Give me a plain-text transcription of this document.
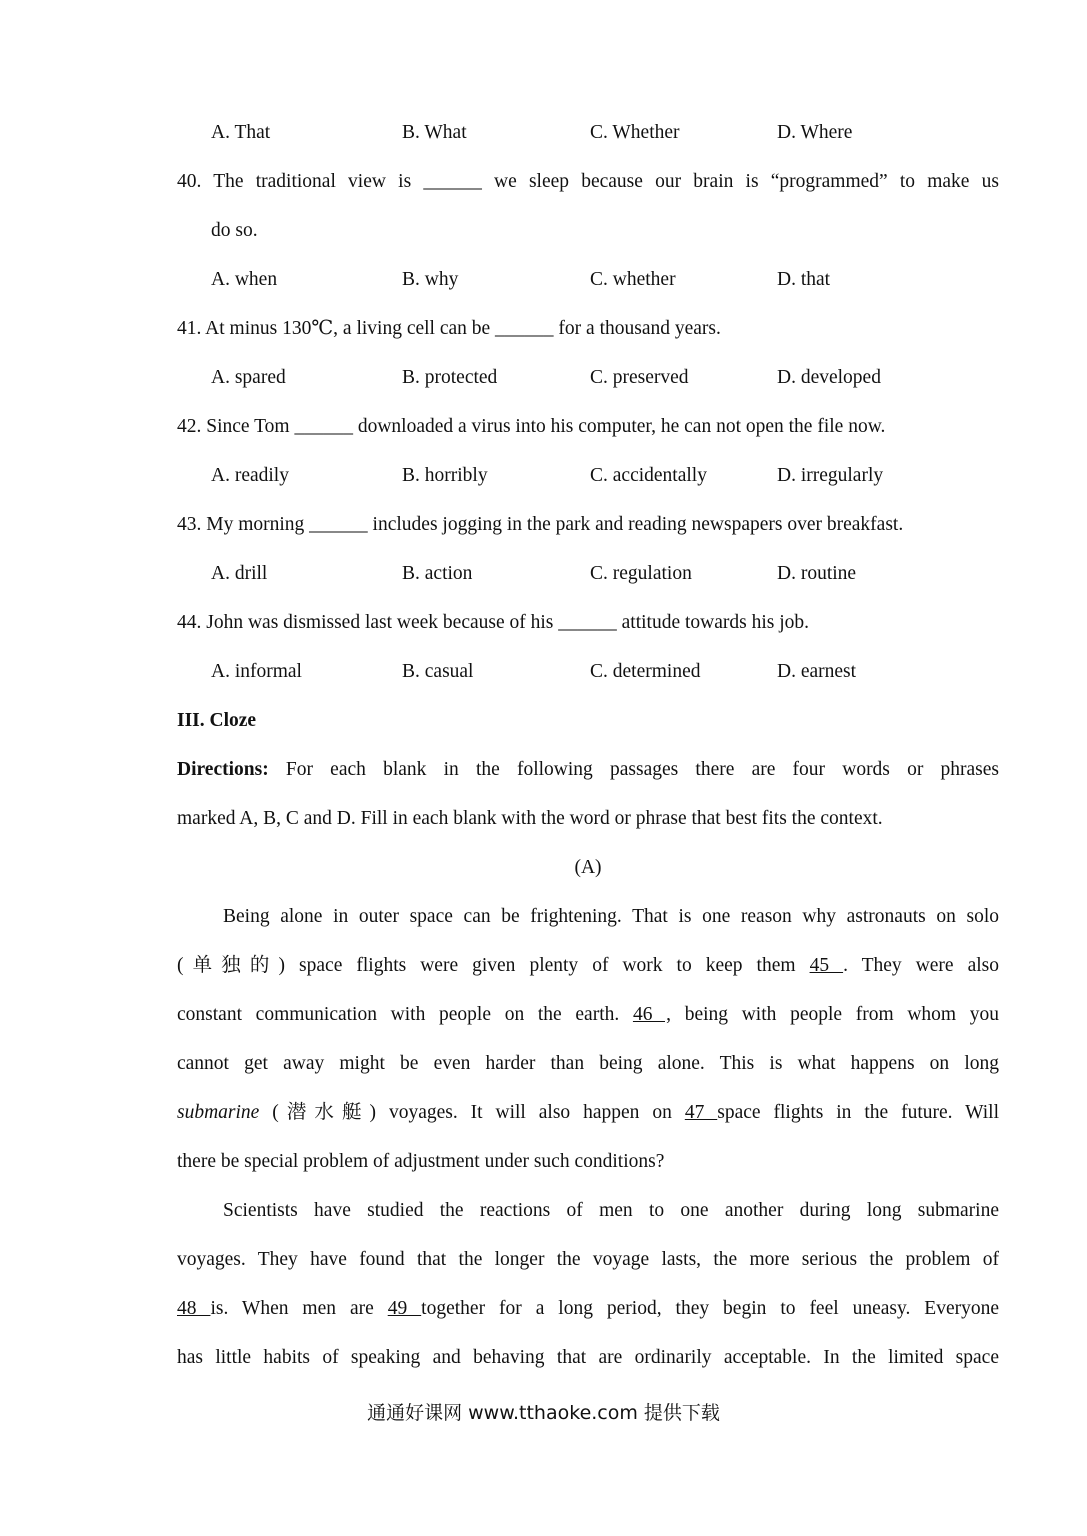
A. That	B. What	C. Whether	D. Where
40. The traditional view is ______ we sleep because our brain is “programmed” to make us
do so.
A. when	B. why	C. whether	D. that
41. At minus 130℃, a living cell can be ______ for a thousand years.
A. spared	B. protected	C. preserved	D. developed
42. Since Tom ______ downloaded a virus into his computer, he can not open the file now.
A. readily	B. horribly	C. accidentally	D. irregularly
43. My morning ______ includes jogging in the park and reading newspapers over breakfast.
A. drill	B. action	C. regulation	D. routine
44. John was dismissed last week because of his ______ attitude towards his job.
A. informal	B. casual	C. determined	D. earnest
III. Cloze
Directions: For each blank in the following passages there are four words or phrases
marked A, B, C and D. Fill in each blank with the word or phrase that best fits the context.
(A)
Being alone in outer space can be frightening. That is one reason why astronauts on solo
(单独的) space flights were given plenty of work to keep them 45 . They were also
constant communication with people on the earth. 46 , being with people from whom you
cannot get away might be even harder than being alone. This is what happens on long
submarine (潜水艇) voyages. It will also happen on 47 space flights in the future. Will
there be special problem of adjustment under such conditions?
Scientists have studied the reactions of men to one another during long submarine
voyages. They have found that the longer the voyage lasts, the more serious the problem of
48 is. When men are 49 together for a long period, they begin to feel uneasy. Everyone
has little habits of speaking and behaving that are ordinarily acceptable. In the limited space
通通好课网 www.tthaoke.com 提供下载
